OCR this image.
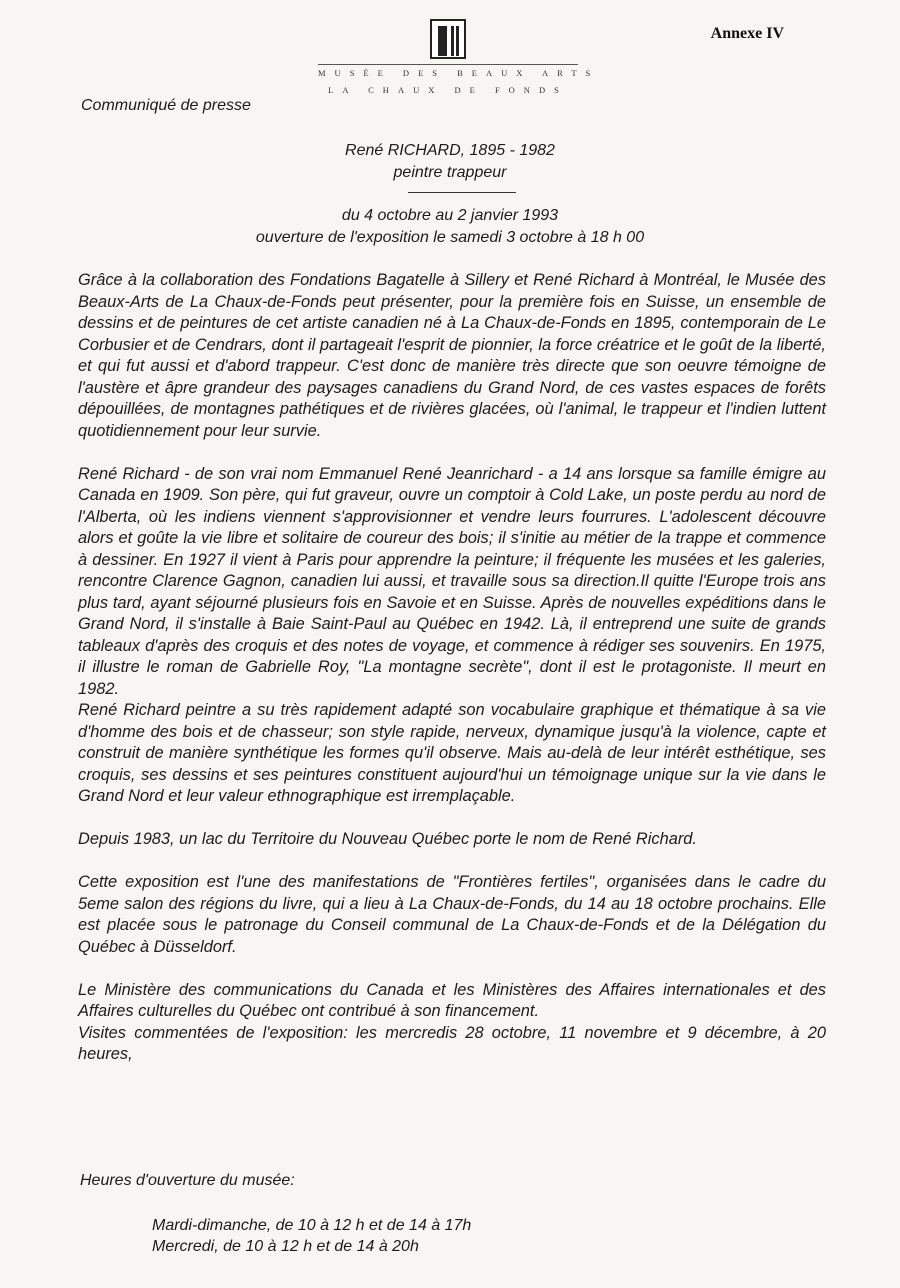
Annexe IV
MUSÉE DES BEAUX ARTS
LA CHAUX DE FONDS
Communiqué de presse
René RICHARD, 1895 - 1982
peintre trappeur
du 4 octobre au 2 janvier 1993
ouverture de l'exposition le samedi 3 octobre à 18 h 00

Grâce à la collaboration des Fondations Bagatelle à Sillery et René Richard à Montréal, le Musée des Beaux-Arts de La Chaux-de-Fonds peut présenter, pour la première fois en Suisse, un ensemble de dessins et de peintures de cet artiste canadien né à La Chaux-de-Fonds en 1895, contemporain de Le Corbusier et de Cendrars, dont il partageait l'esprit de pionnier, la force créatrice et le goût de la liberté, et qui fut aussi et d'abord trappeur. C'est donc de manière très directe que son oeuvre témoigne de l'austère et âpre grandeur des paysages canadiens du Grand Nord, de ces vastes espaces de forêts dépouillées, de montagnes pathétiques et de rivières glacées, où l'animal, le trappeur et l'indien luttent quotidiennement pour leur survie.

René Richard - de son vrai nom Emmanuel René Jeanrichard - a 14 ans lorsque sa famille émigre au Canada en 1909. Son père, qui fut graveur, ouvre un comptoir à Cold Lake, un poste perdu au nord de l'Alberta, où les indiens viennent s'approvisionner et vendre leurs fourrures. L'adolescent découvre alors et goûte la vie libre et solitaire de coureur des bois; il s'initie au métier de la trappe et commence à dessiner. En 1927 il vient à Paris pour apprendre la peinture; il fréquente les musées et les galeries, rencontre Clarence Gagnon, canadien lui aussi, et travaille sous sa direction.Il quitte l'Europe trois ans plus tard, ayant séjourné plusieurs fois en Savoie et en Suisse. Après de nouvelles expéditions dans le Grand Nord, il s'installe à Baie Saint-Paul au Québec en 1942. Là, il entreprend une suite de grands tableaux d'après des croquis et des notes de voyage, et commence à rédiger ses souvenirs. En 1975, il illustre le roman de Gabrielle Roy, "La montagne secrète", dont il est le protagoniste. Il meurt en 1982.

René Richard peintre a su très rapidement adapté son vocabulaire graphique et thématique à sa vie d'homme des bois et de chasseur; son style rapide, nerveux, dynamique jusqu'à la violence, capte et construit de manière synthétique les formes qu'il observe. Mais au-delà de leur intérêt esthétique, ses croquis, ses dessins et ses peintures constituent aujourd'hui un témoignage unique sur la vie dans le Grand Nord et leur valeur ethnographique est irremplaçable.

Depuis 1983, un lac du Territoire du Nouveau Québec porte le nom de René Richard.

Cette exposition est l'une des manifestations de "Frontières fertiles", organisées dans le cadre du 5eme salon des régions du livre, qui a lieu à La Chaux-de-Fonds, du 14 au 18 octobre prochains. Elle est placée sous le patronage du Conseil communal de La Chaux-de-Fonds et de la Délégation du Québec à Düsseldorf.

Le Ministère des communications du Canada et les Ministères des Affaires internationales et des Affaires culturelles du Québec ont contribué à son financement.

Visites commentées de l'exposition: les mercredis 28 octobre, 11 novembre et 9 décembre, à 20 heures,

Heures d'ouverture du musée:
Mardi-dimanche, de 10 à 12 h et de 14 à 17h
Mercredi, de 10 à 12 h et de 14 à 20h
